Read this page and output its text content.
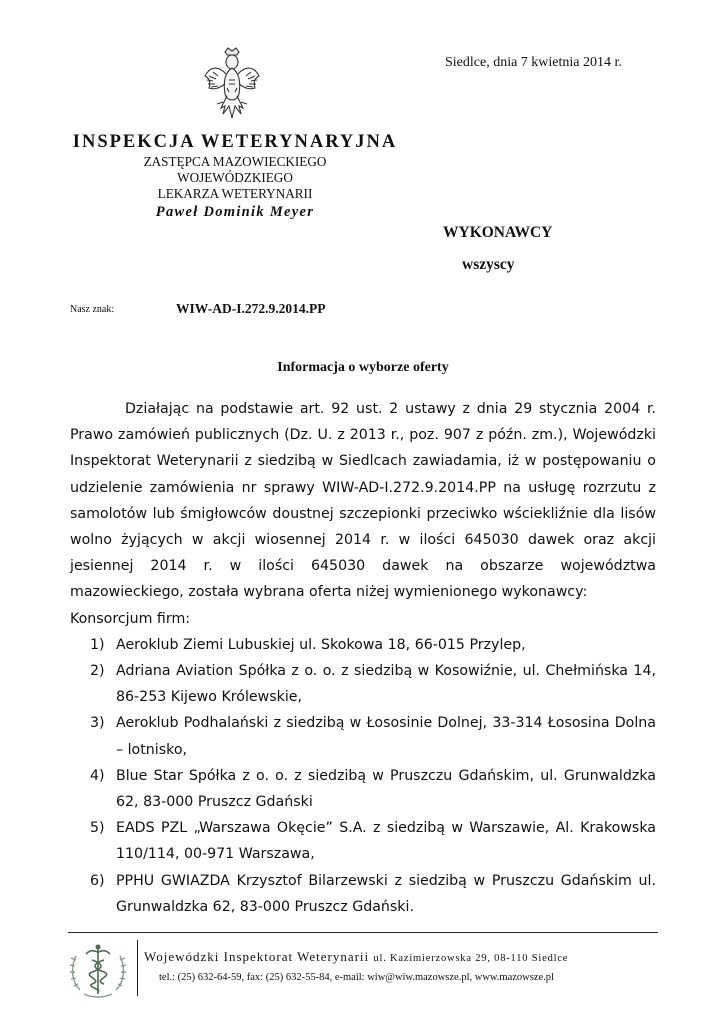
Siedlce, dnia 7 kwietnia 2014 r.
INSPEKCJA WETERYNARYJNA
ZASTĘPCA MAZOWIECKIEGO
WOJEWÓDZKIEGO
LEKARZA WETERYNARII
Paweł Dominik Meyer
WYKONAWCY
wszyscy
Nasz znak:	WIW-AD-I.272.9.2014.PP
Informacja o wyborze oferty

Działając na podstawie art. 92 ust. 2 ustawy z dnia 29 stycznia 2004 r. Prawo zamówień publicznych (Dz. U. z 2013 r., poz. 907 z późn. zm.), Wojewódzki Inspektorat Weterynarii z siedzibą w Siedlcach zawiadamia, iż w postępowaniu o udzielenie zamówienia nr sprawy WIW-AD-I.272.9.2014.PP na usługę rozrzutu z samolotów lub śmigłowców doustnej szczepionki przeciwko wściekliźnie dla lisów wolno żyjących w akcji wiosennej 2014 r. w ilości 645030 dawek oraz akcji jesiennej 2014 r. w ilości 645030 dawek na obszarze województwa mazowieckiego, została wybrana oferta niżej wymienionego wykonawcy:

Konsorcjum firm:

1) Aeroklub Ziemi Lubuskiej ul. Skokowa 18, 66-015 Przylep,
2) Adriana Aviation Spółka z o. o. z siedzibą w Kosowiźnie, ul. Chełmińska 14, 86-253 Kijewo Królewskie,
3) Aeroklub Podhalański z siedzibą w Łososinie Dolnej, 33-314 Łososina Dolna – lotnisko,
4) Blue Star Spółka z o. o. z siedzibą w Pruszczu Gdańskim, ul. Grunwaldzka 62, 83-000 Pruszcz Gdański
5) EADS PZL „Warszawa Okęcie” S.A. z siedzibą w Warszawie, Al. Krakowska 110/114, 00-971 Warszawa,
6) PPHU GWIAZDA Krzysztof Bilarzewski z siedzibą w Pruszczu Gdańskim ul. Grunwaldzka 62, 83-000 Pruszcz Gdański.
Wojewódzki Inspektorat Weterynarii ul. Kazimierzowska 29, 08-110 Siedlce
tel.: (25) 632-64-59, fax: (25) 632-55-84, e-mail: wiw@wiw.mazowsze.pl, www.mazowsze.pl
